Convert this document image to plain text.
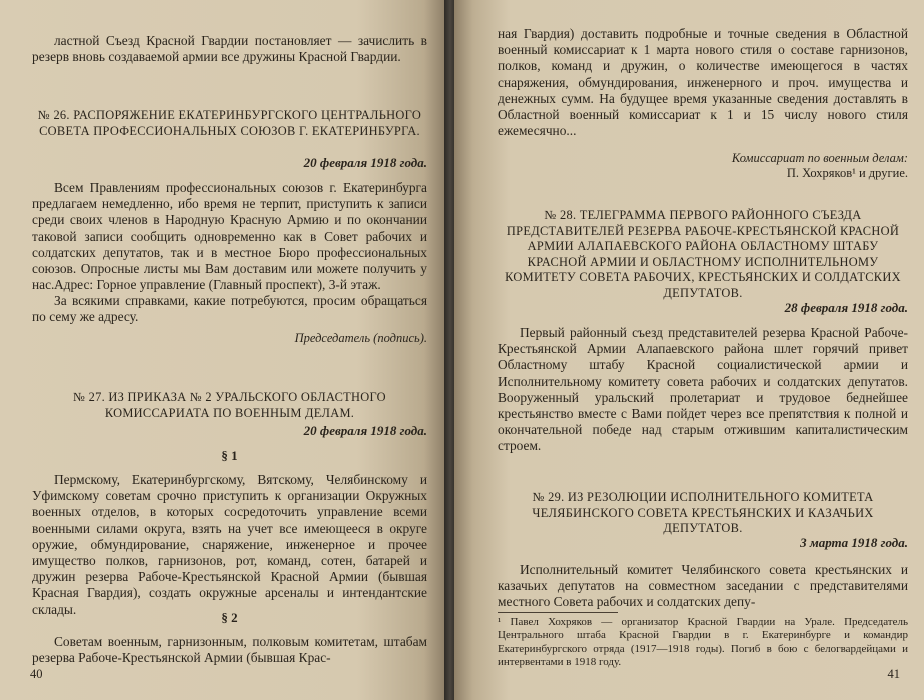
ластной Съезд Красной Гвардии постановляет — зачислить в резерв вновь создаваемой армии все дружины Красной Гвардии.

№ 26. РАСПОРЯЖЕНИЕ ЕКАТЕРИНБУРГСКОГО ЦЕНТРАЛЬНОГО СОВЕТА ПРОФЕССИОНАЛЬНЫХ СОЮЗОВ Г. ЕКАТЕРИНБУРГА.

20 февраля 1918 года.

Всем Правлениям профессиональных союзов г. Екатеринбурга предлагаем немедленно, ибо время не терпит, приступить к записи среди своих членов в Народную Красную Армию и по окончании таковой записи сообщить одновременно как в Совет рабочих и солдатских депутатов, так и в местное Бюро профессиональных союзов. Опросные листы мы Вам доставим или можете получить у нас. Адрес: Горное управление (Главный проспект), 3-й этаж.

За всякими справками, какие потребуются, просим обращаться по сему же адресу.

Председатель (подпись).

№ 27. ИЗ ПРИКАЗА № 2 УРАЛЬСКОГО ОБЛАСТНОГО КОМИССАРИАТА ПО ВОЕННЫМ ДЕЛАМ.

20 февраля 1918 года.

§ 1

Пермскому, Екатеринбургскому, Вятскому, Челябинскому и Уфимскому советам срочно приступить к организации Окружных военных отделов, в которых сосредоточить управление всеми военными силами округа, взять на учет все имеющееся в округе оружие, обмундирование, снаряжение, инженерное и прочее имущество полков, гарнизонов, рот, команд, сотен, батарей и дружин резерва Рабоче-Крестьянской Красной Армии (бывшая Красная Гвардия), создать окружные арсеналы и интендантские склады.

§ 2

Советам военным, гарнизонным, полковым комитетам, штабам резерва Рабоче-Крестьянской Армии (бывшая Крас-

40

ная Гвардия) доставить подробные и точные сведения в Областной военный комиссариат к 1 марта нового стиля о составе гарнизонов, полков, команд и дружин, о количестве имеющегося в частях снаряжения, обмундирования, инженерного и проч. имущества и денежных сумм. На будущее время указанные сведения доставлять в Областной военный комиссариат к 1 и 15 числу нового стиля ежемесячно...

Комиссариат по военным делам:

П. Хохряков¹ и другие.

№ 28. ТЕЛЕГРАММА ПЕРВОГО РАЙОННОГО СЪЕЗДА ПРЕДСТАВИТЕЛЕЙ РЕЗЕРВА РАБОЧЕ-КРЕСТЬЯНСКОЙ КРАСНОЙ АРМИИ АЛАПАЕВСКОГО РАЙОНА ОБЛАСТНОМУ ШТАБУ КРАСНОЙ АРМИИ И ОБЛАСТНОМУ ИСПОЛНИТЕЛЬНОМУ КОМИТЕТУ СОВЕТА РАБОЧИХ, КРЕСТЬЯНСКИХ И СОЛДАТСКИХ ДЕПУТАТОВ.

28 февраля 1918 года.

Первый районный съезд представителей резерва Красной Рабоче-Крестьянской Армии Алапаевского района шлет горячий привет Областному штабу Красной социалистической армии и Исполнительному комитету совета рабочих и солдатских депутатов. Вооруженный уральский пролетариат и трудовое беднейшее крестьянство вместе с Вами пойдет через все препятствия к полной и окончательной победе над старым отжившим капиталистическим строем.

№ 29. ИЗ РЕЗОЛЮЦИИ ИСПОЛНИТЕЛЬНОГО КОМИТЕТА ЧЕЛЯБИНСКОГО СОВЕТА КРЕСТЬЯНСКИХ И КАЗАЧЬИХ ДЕПУТАТОВ.

3 марта 1918 года.

Исполнительный комитет Челябинского совета крестьянских и казачьих депутатов на совместном заседании с представителями местного Совета рабочих и солдатских депу-

¹ Павел Хохряков — организатор Красной Гвардии на Урале. Председатель Центрального штаба Красной Гвардии в г. Екатеринбурге и командир Екатеринбургского отряда (1917—1918 годы). Погиб в бою с белогвардейцами и интервентами в 1918 году.

41
